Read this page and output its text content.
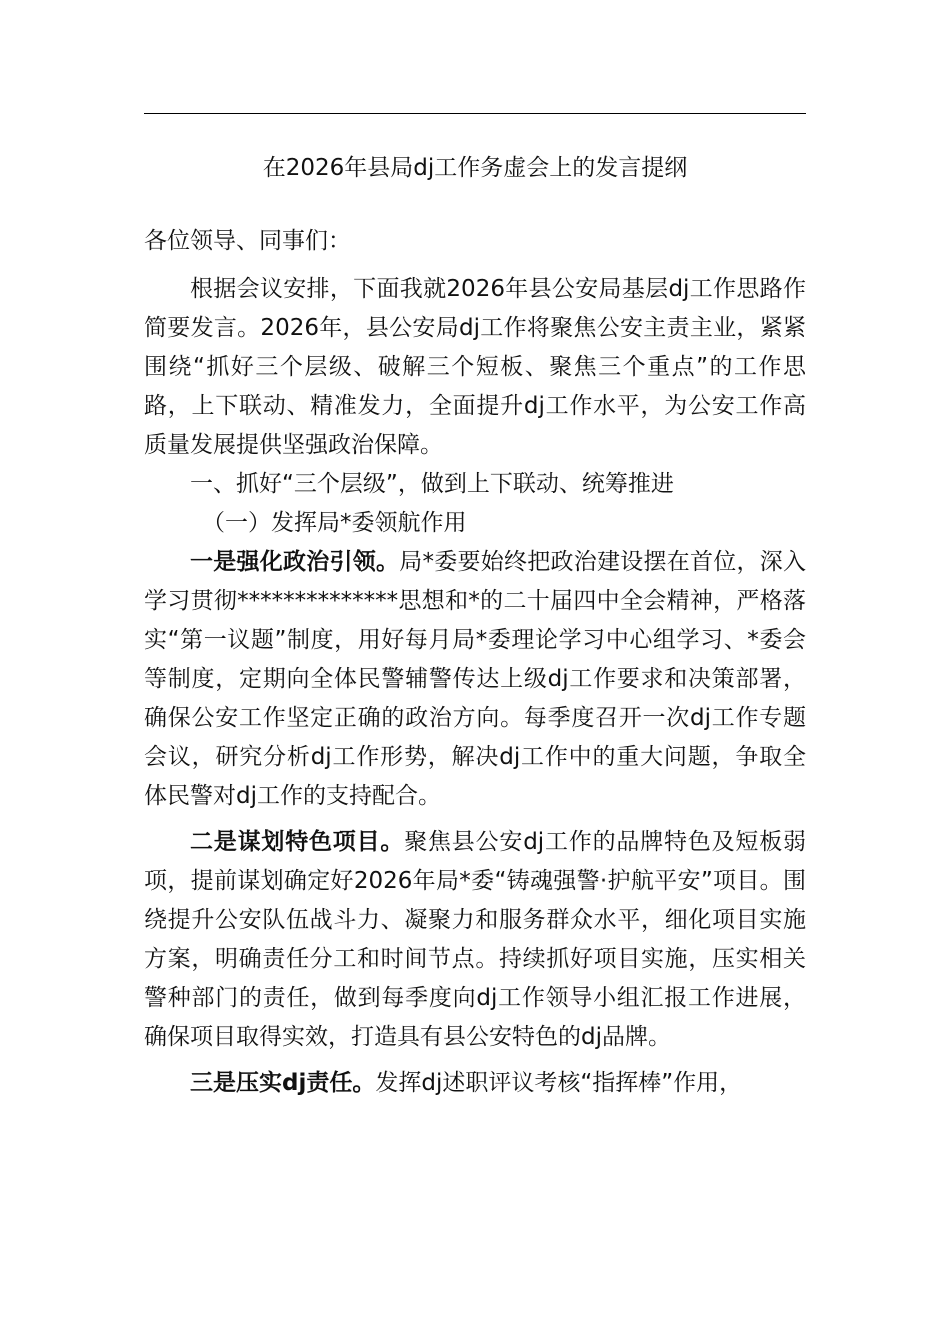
在2026年县局dj工作务虚会上的发言提纲

各位领导、同事们：

根据会议安排，下面我就2026年县公安局基层dj工作思路作简要发言。2026年，县公安局dj工作将聚焦公安主责主业，紧紧围绕“抓好三个层级、破解三个短板、聚焦三个重点”的工作思路，上下联动、精准发力，全面提升dj工作水平，为公安工作高质量发展提供坚强政治保障。

一、抓好“三个层级”，做到上下联动、统筹推进

（一）发挥局*委领航作用

一是强化政治引领。局*委要始终把政治建设摆在首位，深入学习贯彻**************思想和*的二十届四中全会精神，严格落实“第一议题”制度，用好每月局*委理论学习中心组学习、*委会等制度，定期向全体民警辅警传达上级dj工作要求和决策部署，确保公安工作坚定正确的政治方向。每季度召开一次dj工作专题会议，研究分析dj工作形势，解决dj工作中的重大问题，争取全体民警对dj工作的支持配合。

二是谋划特色项目。聚焦县公安dj工作的品牌特色及短板弱项，提前谋划确定好2026年局*委“铸魂强警·护航平安”项目。围绕提升公安队伍战斗力、凝聚力和服务群众水平，细化项目实施方案，明确责任分工和时间节点。持续抓好项目实施，压实相关警种部门的责任，做到每季度向dj工作领导小组汇报工作进展，确保项目取得实效，打造具有县公安特色的dj品牌。

三是压实dj责任。发挥dj述职评议考核“指挥棒”作用，
